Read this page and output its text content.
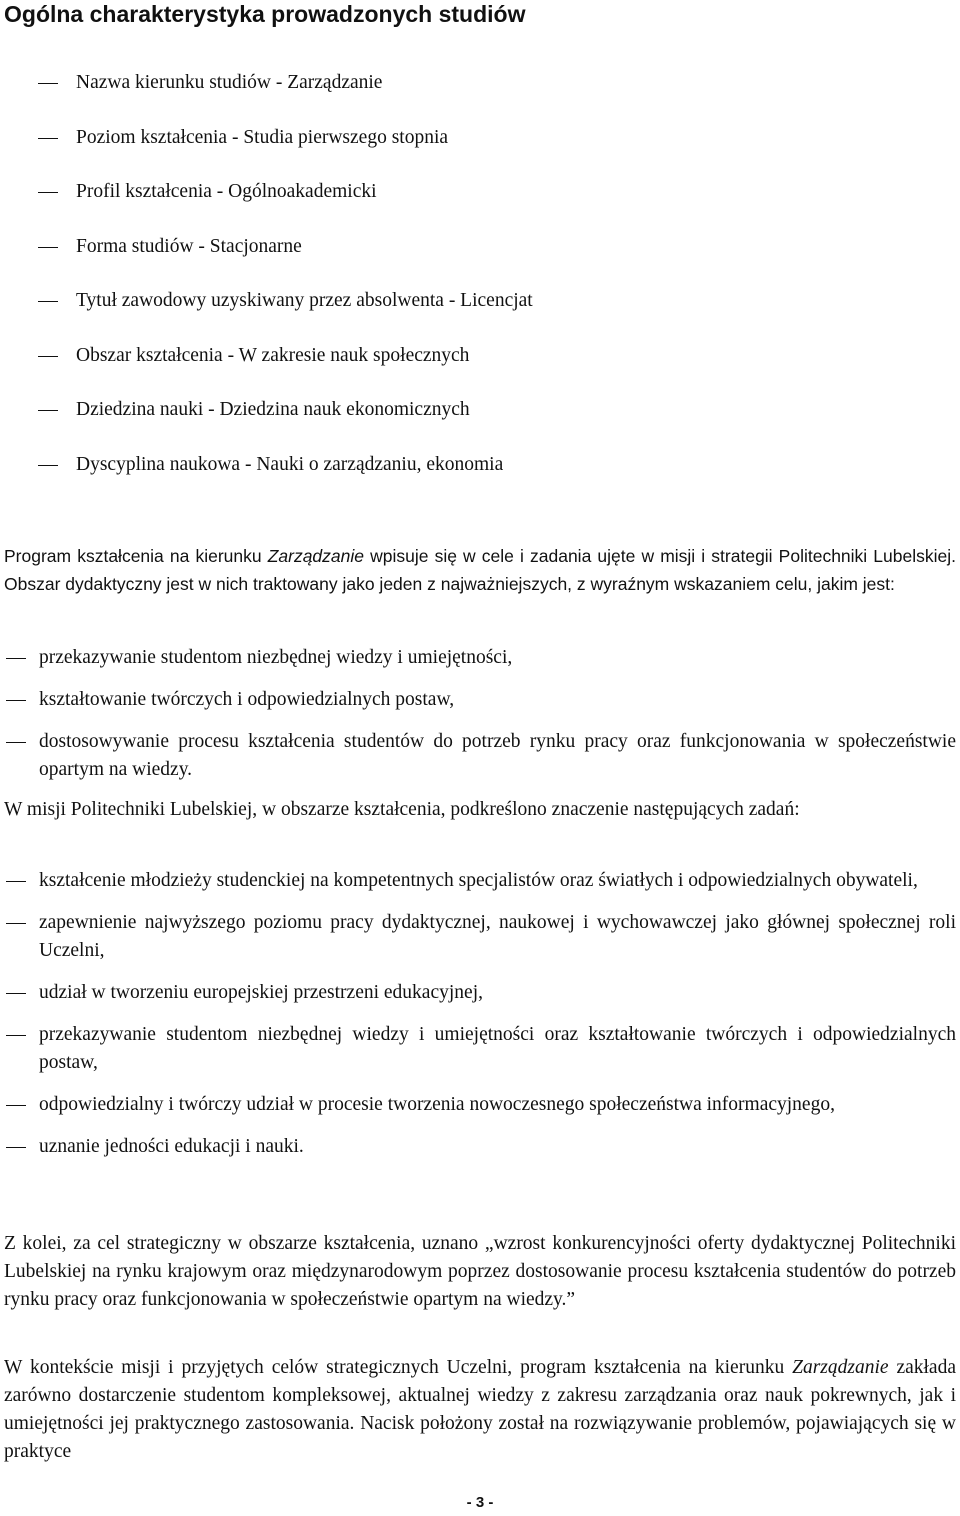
Ogólna charakterystyka prowadzonych studiów
Nazwa kierunku studiów - Zarządzanie
Poziom kształcenia - Studia pierwszego stopnia
Profil kształcenia - Ogólnoakademicki
Forma studiów - Stacjonarne
Tytuł zawodowy uzyskiwany przez absolwenta - Licencjat
Obszar kształcenia - W zakresie nauk społecznych
Dziedzina nauki - Dziedzina nauk ekonomicznych
Dyscyplina naukowa - Nauki o zarządzaniu, ekonomia

Program kształcenia na kierunku Zarządzanie wpisuje się w cele i zadania ujęte w misji i strategii Politechniki Lubelskiej. Obszar dydaktyczny jest w nich traktowany jako jeden z najważniejszych, z wyraźnym wskazaniem celu, jakim jest:

przekazywanie studentom niezbędnej wiedzy i umiejętności,
kształtowanie twórczych i odpowiedzialnych postaw,
dostosowywanie procesu kształcenia studentów do potrzeb rynku pracy oraz funkcjonowania w społeczeństwie opartym na wiedzy.

W misji Politechniki Lubelskiej, w obszarze kształcenia, podkreślono znaczenie następujących zadań:

kształcenie młodzieży studenckiej na kompetentnych specjalistów oraz światłych i odpowiedzialnych obywateli,
zapewnienie najwyższego poziomu pracy dydaktycznej, naukowej i wychowawczej jako głównej społecznej roli Uczelni,
udział w tworzeniu europejskiej przestrzeni edukacyjnej,
przekazywanie studentom niezbędnej wiedzy i umiejętności oraz kształtowanie twórczych i odpowiedzialnych postaw,
odpowiedzialny i twórczy udział w procesie tworzenia nowoczesnego społeczeństwa informacyjnego,
uznanie jedności edukacji i nauki.

Z kolei, za cel strategiczny w obszarze kształcenia, uznano „wzrost konkurencyjności oferty dydaktycznej Politechniki Lubelskiej na rynku krajowym oraz międzynarodowym poprzez dostosowanie procesu kształcenia studentów do potrzeb rynku pracy oraz funkcjonowania w społeczeństwie opartym na wiedzy.”

W kontekście misji i przyjętych celów strategicznych Uczelni, program kształcenia na kierunku Zarządzanie zakłada zarówno dostarczenie studentom kompleksowej, aktualnej wiedzy z zakresu zarządzania oraz nauk pokrewnych, jak i umiejętności jej praktycznego zastosowania. Nacisk położony został na rozwiązywanie problemów, pojawiających się w praktyce

- 3 -
